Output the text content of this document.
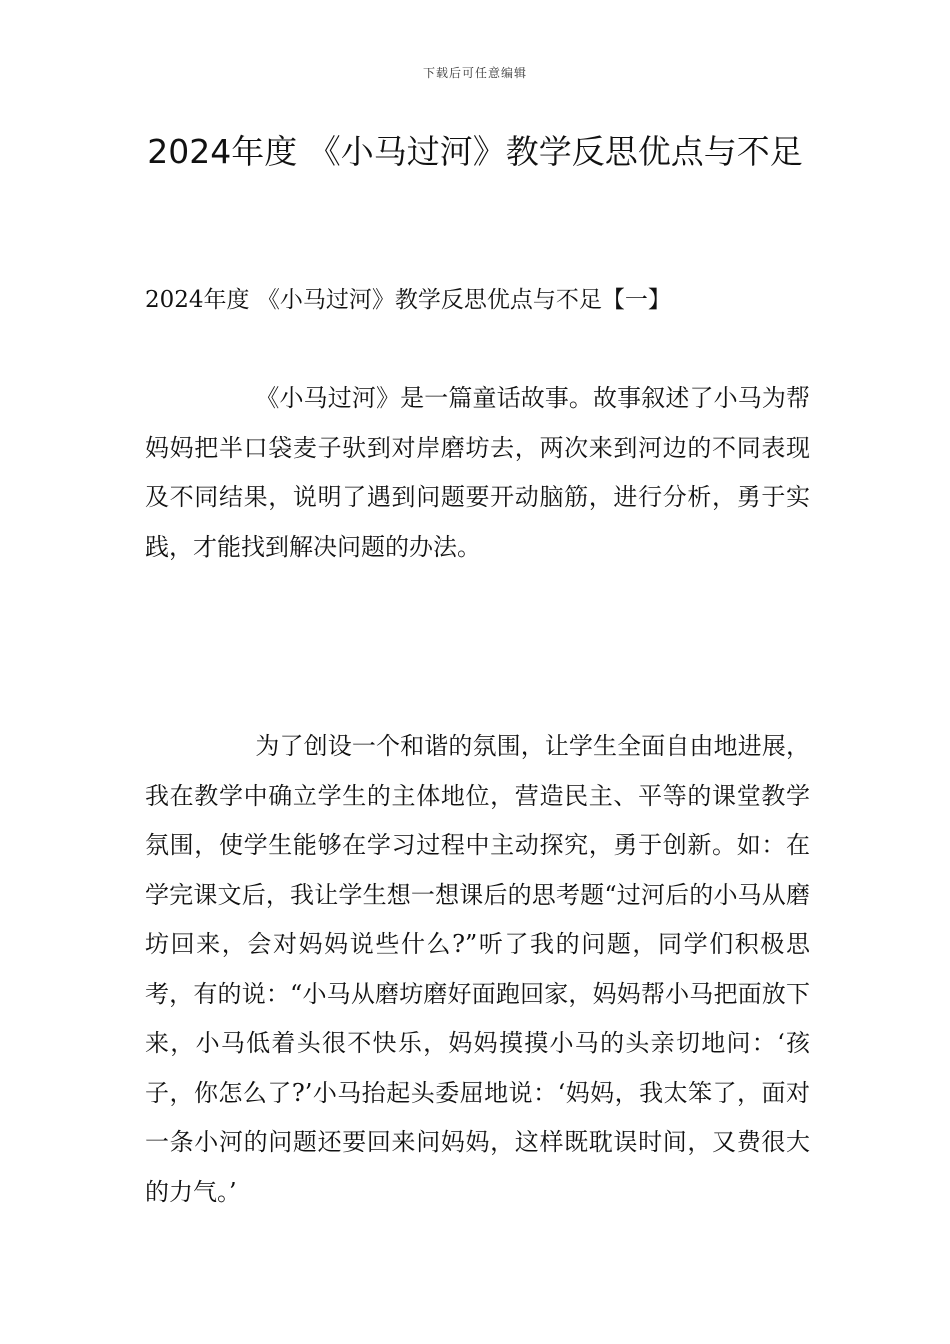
下载后可任意编辑
2024年度 《小马过河》教学反思优点与不足
2024年度 《小马过河》教学反思优点与不足【一】

《小马过河》是一篇童话故事。故事叙述了小马为帮妈妈把半口袋麦子驮到对岸磨坊去，两次来到河边的不同表现及不同结果，说明了遇到问题要开动脑筋，进行分析，勇于实践，才能找到解决问题的办法。

为了创设一个和谐的氛围，让学生全面自由地进展，我在教学中确立学生的主体地位，营造民主、平等的课堂教学氛围，使学生能够在学习过程中主动探究，勇于创新。如：在学完课文后，我让学生想一想课后的思考题“过河后的小马从磨坊回来，会对妈妈说些什么?”听了我的问题，同学们积极思考，有的说：“小马从磨坊磨好面跑回家，妈妈帮小马把面放下来，小马低着头很不快乐，妈妈摸摸小马的头亲切地问：‘孩子，你怎么了?’小马抬起头委屈地说：‘妈妈，我太笨了，面对一条小河的问题还要回来问妈妈，这样既耽误时间，又费很大的力气。’
